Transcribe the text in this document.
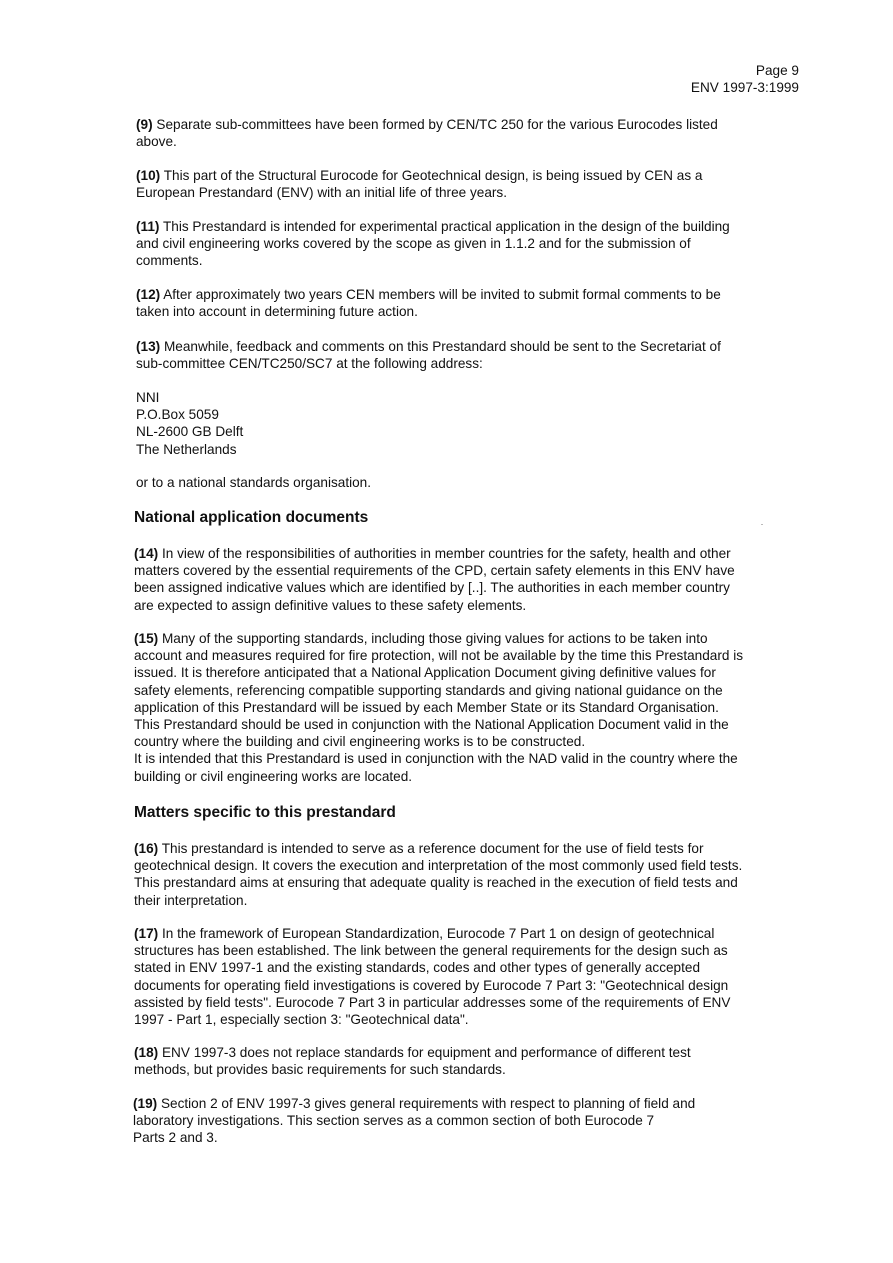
Page 9
ENV 1997-3:1999
(9) Separate sub-committees have been formed by CEN/TC 250 for the various Eurocodes listed
above.
(10) This part of the Structural Eurocode for Geotechnical design, is being issued by CEN as a
European Prestandard (ENV) with an initial life of three years.
(11) This Prestandard is intended for experimental practical application in the design of the building
and civil engineering works covered by the scope as given in 1.1.2 and for the submission of
comments.
(12) After approximately two years CEN members will be invited to submit formal comments to be
taken into account in determining future action.
(13) Meanwhile, feedback and comments on this Prestandard should be sent to the Secretariat of
sub-committee CEN/TC250/SC7 at the following address:
NNI
P.O.Box 5059
NL-2600 GB Delft
The Netherlands
or to a national standards organisation.
National application documents
(14) In view of the responsibilities of authorities in member countries for the safety, health and other
matters covered by the essential requirements of the CPD, certain safety elements in this ENV have
been assigned indicative values which are identified by [..]. The authorities in each member country
are expected to assign definitive values to these safety elements.
(15) Many of the supporting standards, including those giving values for actions to be taken into
account and measures required for fire protection, will not be available by the time this Prestandard is
issued. It is therefore anticipated that a National Application Document giving definitive values for
safety elements, referencing compatible supporting standards and giving national guidance on the
application of this Prestandard will be issued by each Member State or its Standard Organisation.
This Prestandard should be used in conjunction with the National Application Document valid in the
country where the building and civil engineering works is to be constructed.
It is intended that this Prestandard is used in conjunction with the NAD valid in the country where the
building or civil engineering works are located.
Matters specific to this prestandard
(16) This prestandard is intended to serve as a reference document for the use of field tests for
geotechnical design. It covers the execution and interpretation of the most commonly used field tests.
This prestandard aims at ensuring that adequate quality is reached in the execution of field tests and
their interpretation.
(17) In the framework of European Standardization, Eurocode 7 Part 1 on design of geotechnical
structures has been established. The link between the general requirements for the design such as
stated in ENV 1997-1 and the existing standards, codes and other types of generally accepted
documents for operating field investigations is covered by Eurocode 7 Part 3: "Geotechnical design
assisted by field tests". Eurocode 7 Part 3 in particular addresses some of the requirements of ENV
1997 - Part 1, especially section 3: "Geotechnical data".
(18) ENV 1997-3 does not replace standards for equipment and performance of different test
methods, but provides basic requirements for such standards.
(19) Section 2 of ENV 1997-3 gives general requirements with respect to planning of field and
laboratory investigations. This section serves as a common section of both Eurocode 7
Parts 2 and 3.
